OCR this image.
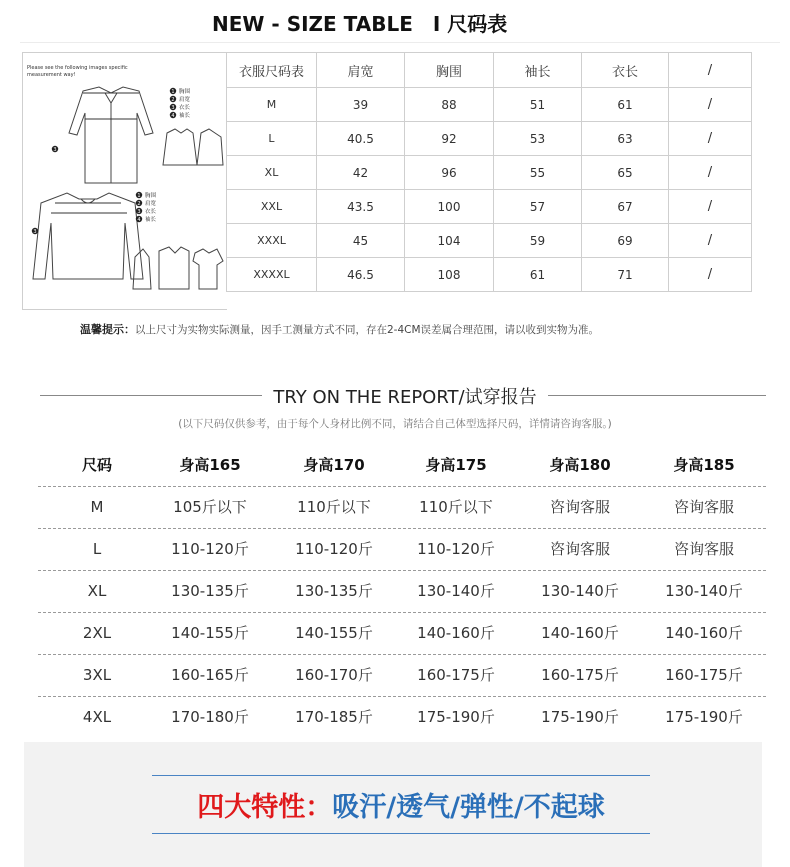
NEW - SIZE TABLE　I 尺码表
Please see the following images specific measurement way!
1
2
3
4
1
2
3
4
3
3
胸围
肩宽
衣长
袖长
胸围
肩宽
衣长
袖长
衣服尺码表	肩宽	胸围	袖长	衣长	/
M	39	88	51	61	/
L	40.5	92	53	63	/
XL	42	96	55	65	/
XXL	43.5	100	57	67	/
XXXL	45	104	59	69	/
XXXXL	46.5	108	61	71	/
温馨提示：以上尺寸为实物实际测量，因手工测量方式不同，存在2-4CM误差属合理范围，请以收到实物为准。
TRY ON THE REPORT/试穿报告
(以下尺码仅供参考，由于每个人身材比例不同，请结合自己体型选择尺码，详情请咨询客服。)
尺码	身高165	身高170	身高175	身高180	身高185
M	105斤以下	110斤以下	110斤以下	咨询客服	咨询客服
L	110-120斤	110-120斤	110-120斤	咨询客服	咨询客服
XL	130-135斤	130-135斤	130-140斤	130-140斤	130-140斤
2XL	140-155斤	140-155斤	140-160斤	140-160斤	140-160斤
3XL	160-165斤	160-170斤	160-175斤	160-175斤	160-175斤
4XL	170-180斤	170-185斤	175-190斤	175-190斤	175-190斤
四大特性：吸汗/透气/弹性/不起球
